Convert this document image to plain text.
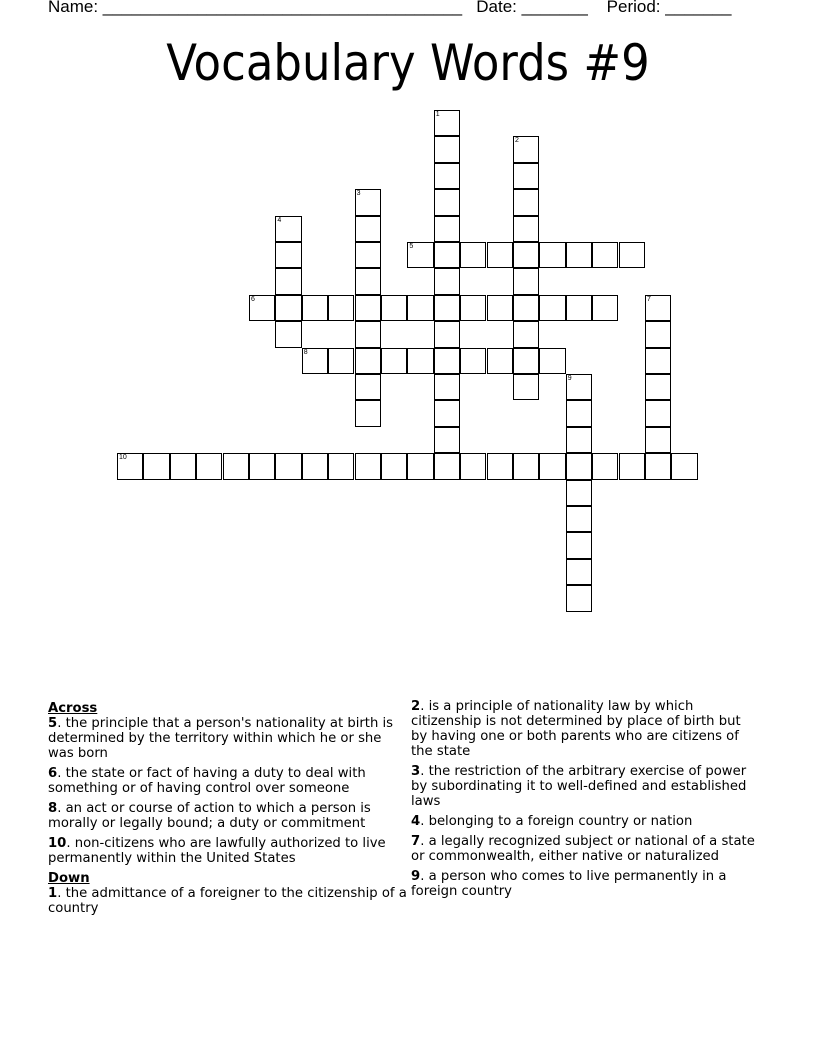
Name: ______________________________________   Date: _______    Period: _______
Vocabulary Words #9
1
2
3
4
5
6	7
8
9
10
Across
5. the principle that a person's nationality at birth is determined by the territory within which he or she was born
6. the state or fact of having a duty to deal with something or of having control over someone
8. an act or course of action to which a person is morally or legally bound; a duty or commitment
10. non-citizens who are lawfully authorized to live permanently within the United States
Down
1. the admittance of a foreigner to the citizenship of a country
2. is a principle of nationality law by which citizenship is not determined by place of birth but by having one or both parents who are citizens of the state
3. the restriction of the arbitrary exercise of power by subordinating it to well-defined and established laws
4. belonging to a foreign country or nation
7. a legally recognized subject or national of a state or commonwealth, either native or naturalized
9. a person who comes to live permanently in a foreign country
